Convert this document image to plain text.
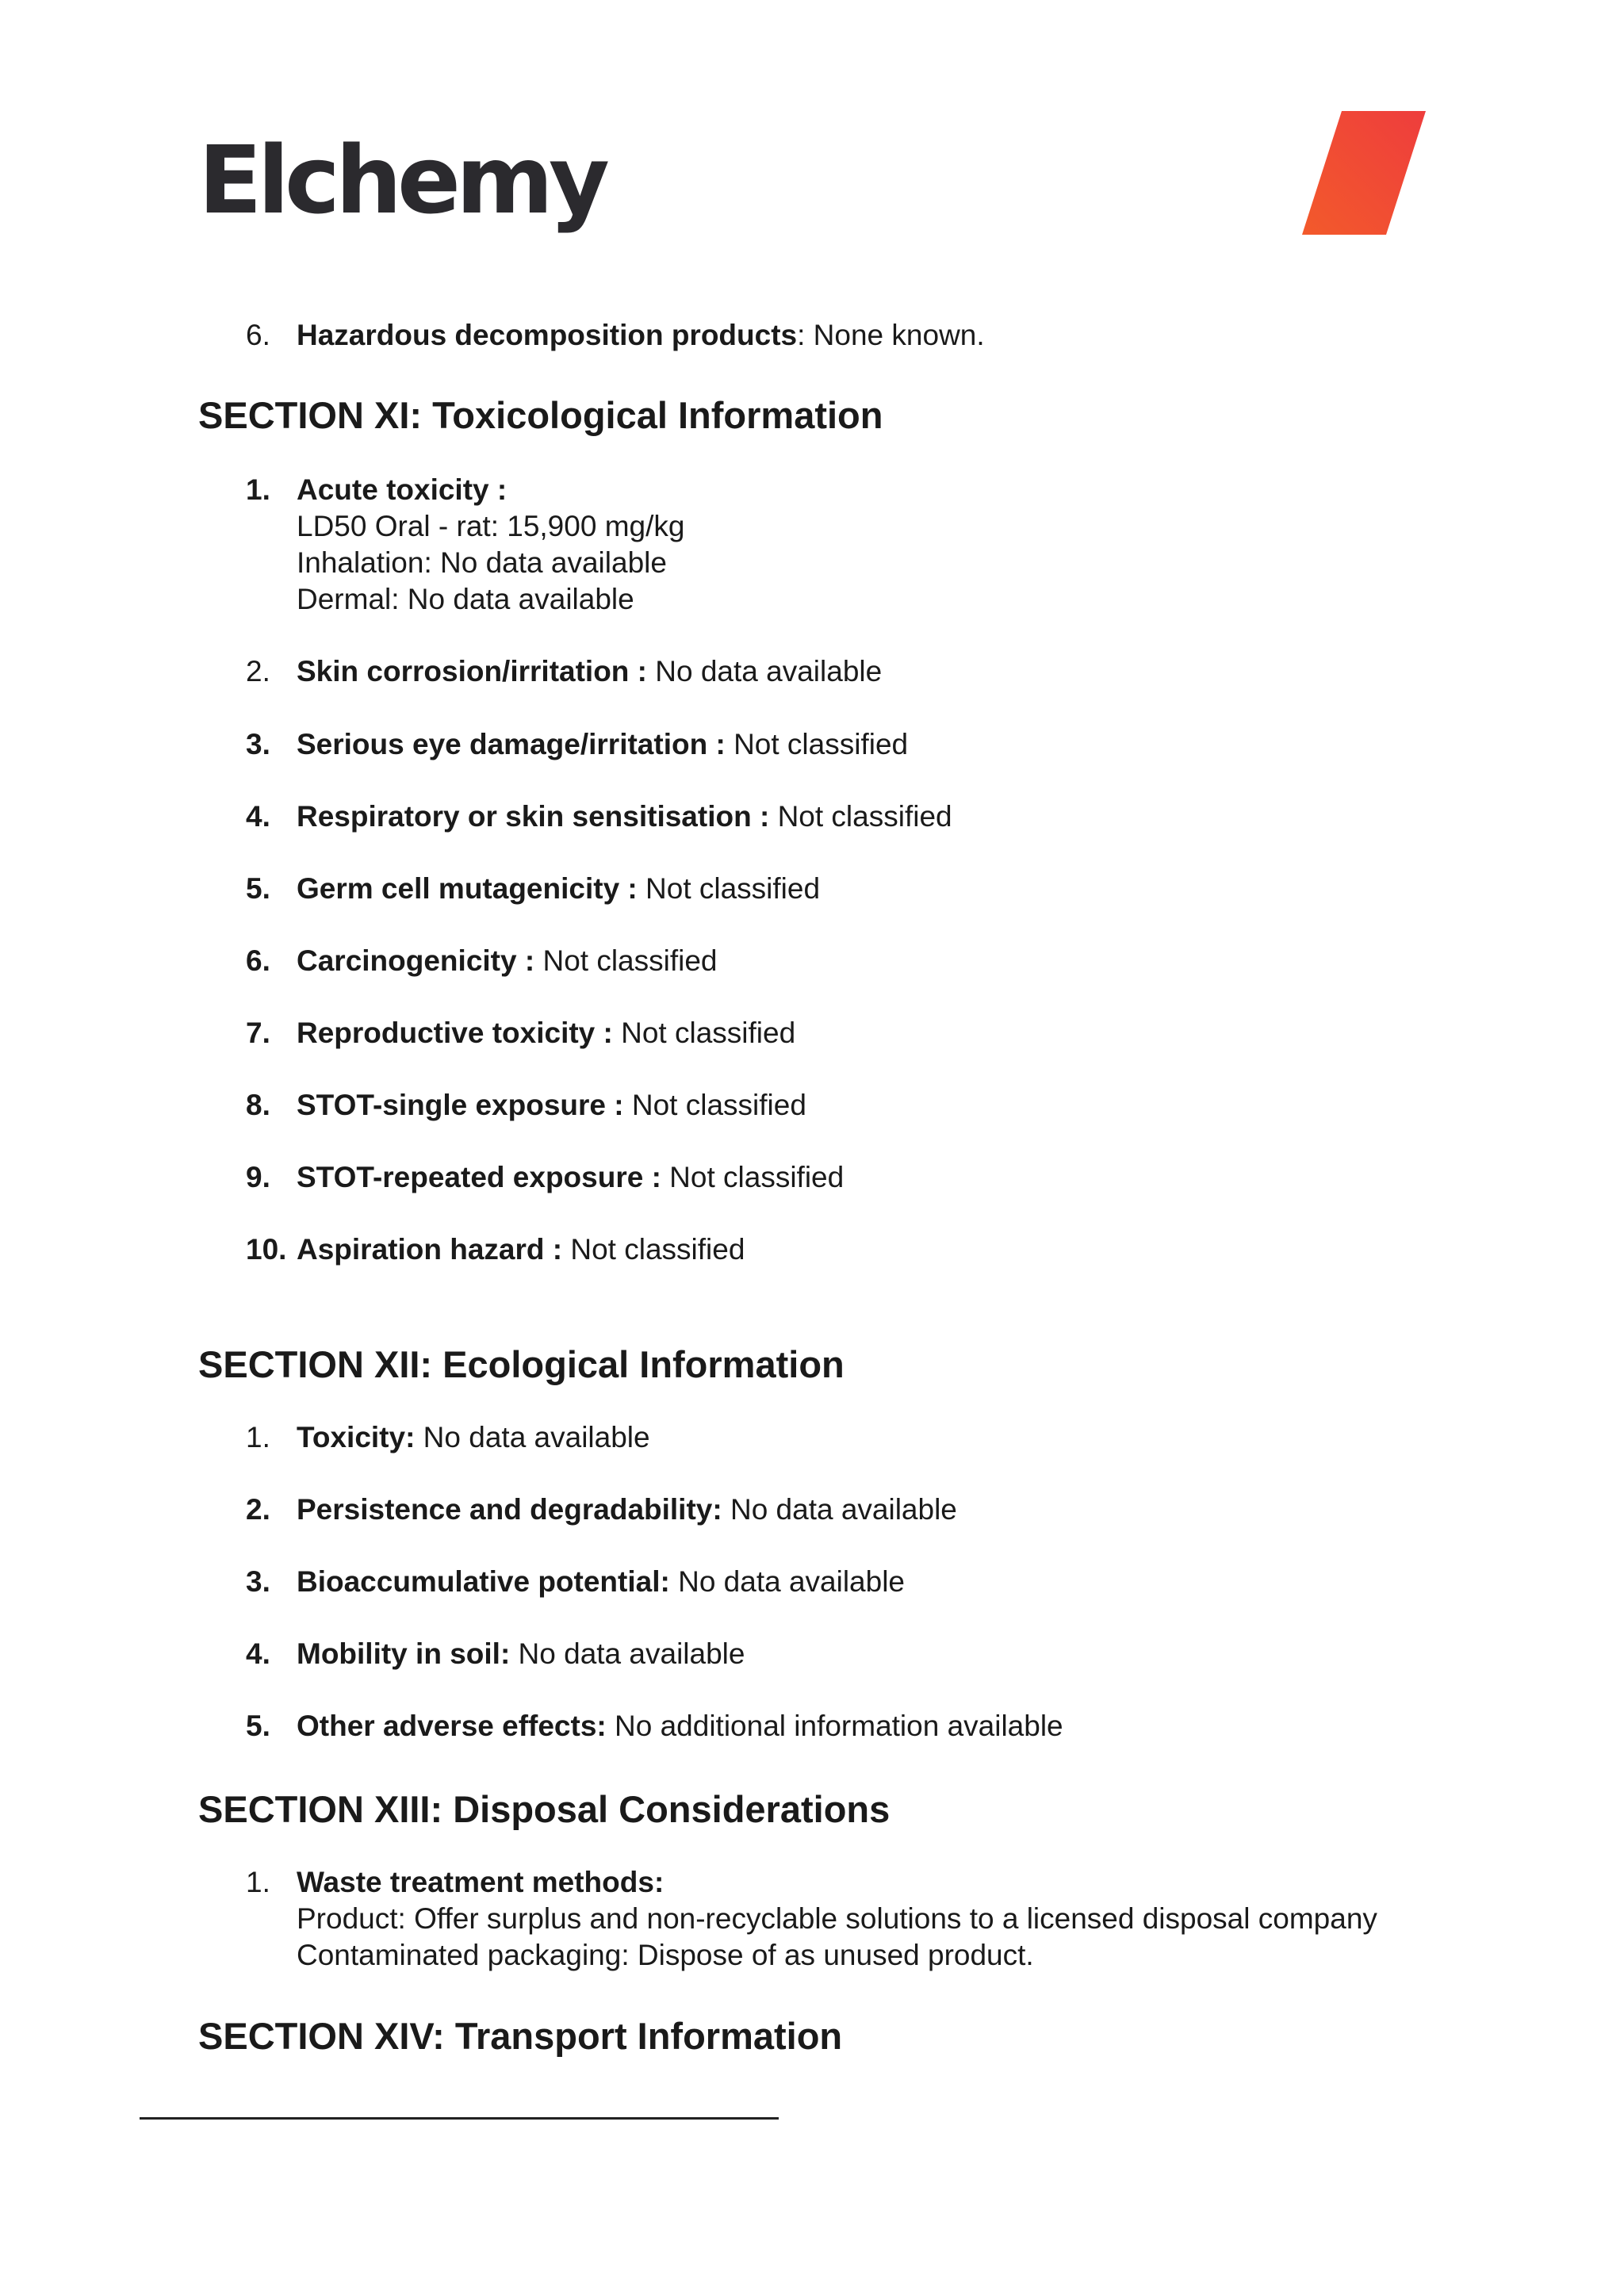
Elchemy
6. Hazardous decomposition products: None known.
SECTION XI: Toxicological Information
1. Acute toxicity :
LD50 Oral - rat: 15,900 mg/kg
Inhalation: No data available
Dermal: No data available
2. Skin corrosion/irritation : No data available
3. Serious eye damage/irritation : Not classified
4. Respiratory or skin sensitisation : Not classified
5. Germ cell mutagenicity : Not classified
6. Carcinogenicity : Not classified
7. Reproductive toxicity : Not classified
8. STOT-single exposure : Not classified
9. STOT-repeated exposure : Not classified
10. Aspiration hazard : Not classified
SECTION XII: Ecological Information
1. Toxicity: No data available
2. Persistence and degradability: No data available
3. Bioaccumulative potential: No data available
4. Mobility in soil: No data available
5. Other adverse effects: No additional information available
SECTION XIII: Disposal Considerations
1. Waste treatment methods:
Product: Offer surplus and non-recyclable solutions to a licensed disposal company
Contaminated packaging: Dispose of as unused product.
SECTION XIV: Transport Information
